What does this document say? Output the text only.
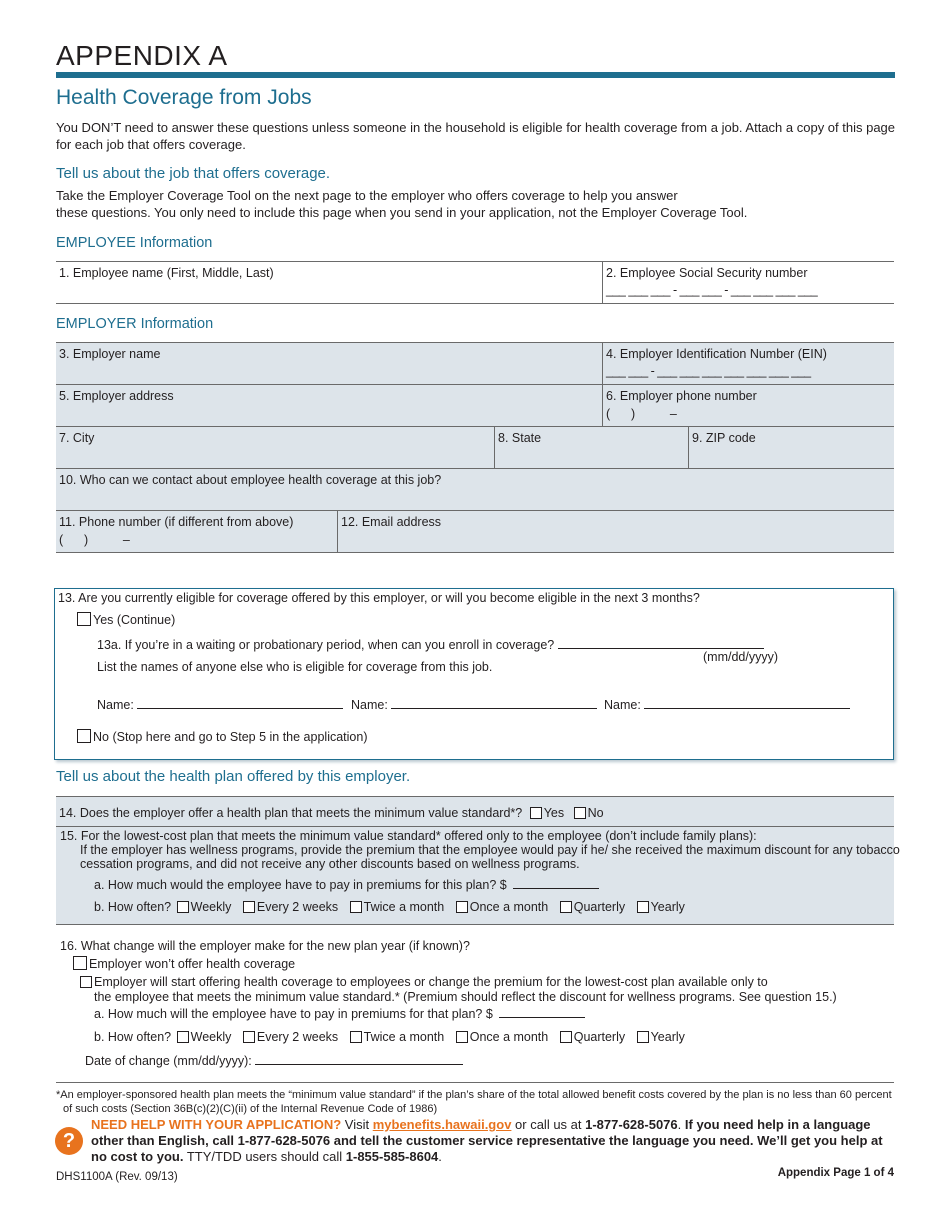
APPENDIX A
Health Coverage from Jobs
You DON’T need to answer these questions unless someone in the household is eligible for health coverage from a job. Attach a copy of this page for each job that offers coverage.
Tell us about the job that offers coverage.
Take the Employer Coverage Tool on the next page to the employer who offers coverage to help you answer
these questions. You only need to include this page when you send in your application, not the Employer Coverage Tool.
EMPLOYEE Information
1. Employee name (First, Middle, Last)	2. Employee Social Security number
___ ___ ___ - ___ ___ - ___ ___ ___ ___
EMPLOYER Information
3. Employer name	4. Employer Identification Number (EIN)
___ ___ - ___ ___ ___ ___ ___ ___ ___
5. Employer address	6. Employer phone number
(      )          –
7. City	8. State	9. ZIP code
10. Who can we contact about employee health coverage at this job?
11. Phone number (if different from above)
(      )          –
12. Email address
13. Are you currently eligible for coverage offered by this employer, or will you become eligible in the next 3 months?
Yes (Continue)
13a. If you’re in a waiting or probationary period, when can you enroll in coverage?
(mm/dd/yyyy)
List the names of anyone else who is eligible for coverage from this job.
Name:	Name:	Name:
No (Stop here and go to Step 5 in the application)
Tell us about the health plan offered by this employer.
14. Does the employer offer a health plan that meets the minimum value standard*? Yes No
15. For the lowest-cost plan that meets the minimum value standard* offered only to the employee (don’t include family plans):
If the employer has wellness programs, provide the premium that the employee would pay if he/ she received the maximum discount for any tobacco
cessation programs, and did not receive any other discounts based on wellness programs.
a. How much would the employee have to pay in premiums for this plan? $
b. How often? Weekly Every 2 weeks Twice a month Once a month Quarterly Yearly
16. What change will the employer make for the new plan year (if known)?
Employer won’t offer health coverage
Employer will start offering health coverage to employees or change the premium for the lowest-cost plan available only to
the employee that meets the minimum value standard.* (Premium should reflect the discount for wellness programs. See question 15.)
a. How much will the employee have to pay in premiums for that plan? $
b. How often? Weekly Every 2 weeks Twice a month Once a month Quarterly Yearly
Date of change (mm/dd/yyyy):
*An employer-sponsored health plan meets the “minimum value standard” if the plan’s share of the total allowed benefit costs covered by the plan is no less than 60 percent
of such costs (Section 36B(c)(2)(C)(ii) of the Internal Revenue Code of 1986)
?
NEED HELP WITH YOUR APPLICATION? Visit mybenefits.hawaii.gov or call us at 1-877-628-5076. If you need help in a language other than English, call 1-877-628-5076 and tell the customer service representative the language you need. We’ll get you help at no cost to you. TTY/TDD users should call 1-855-585-8604.
DHS1100A (Rev. 09/13)	Appendix Page 1 of 4
